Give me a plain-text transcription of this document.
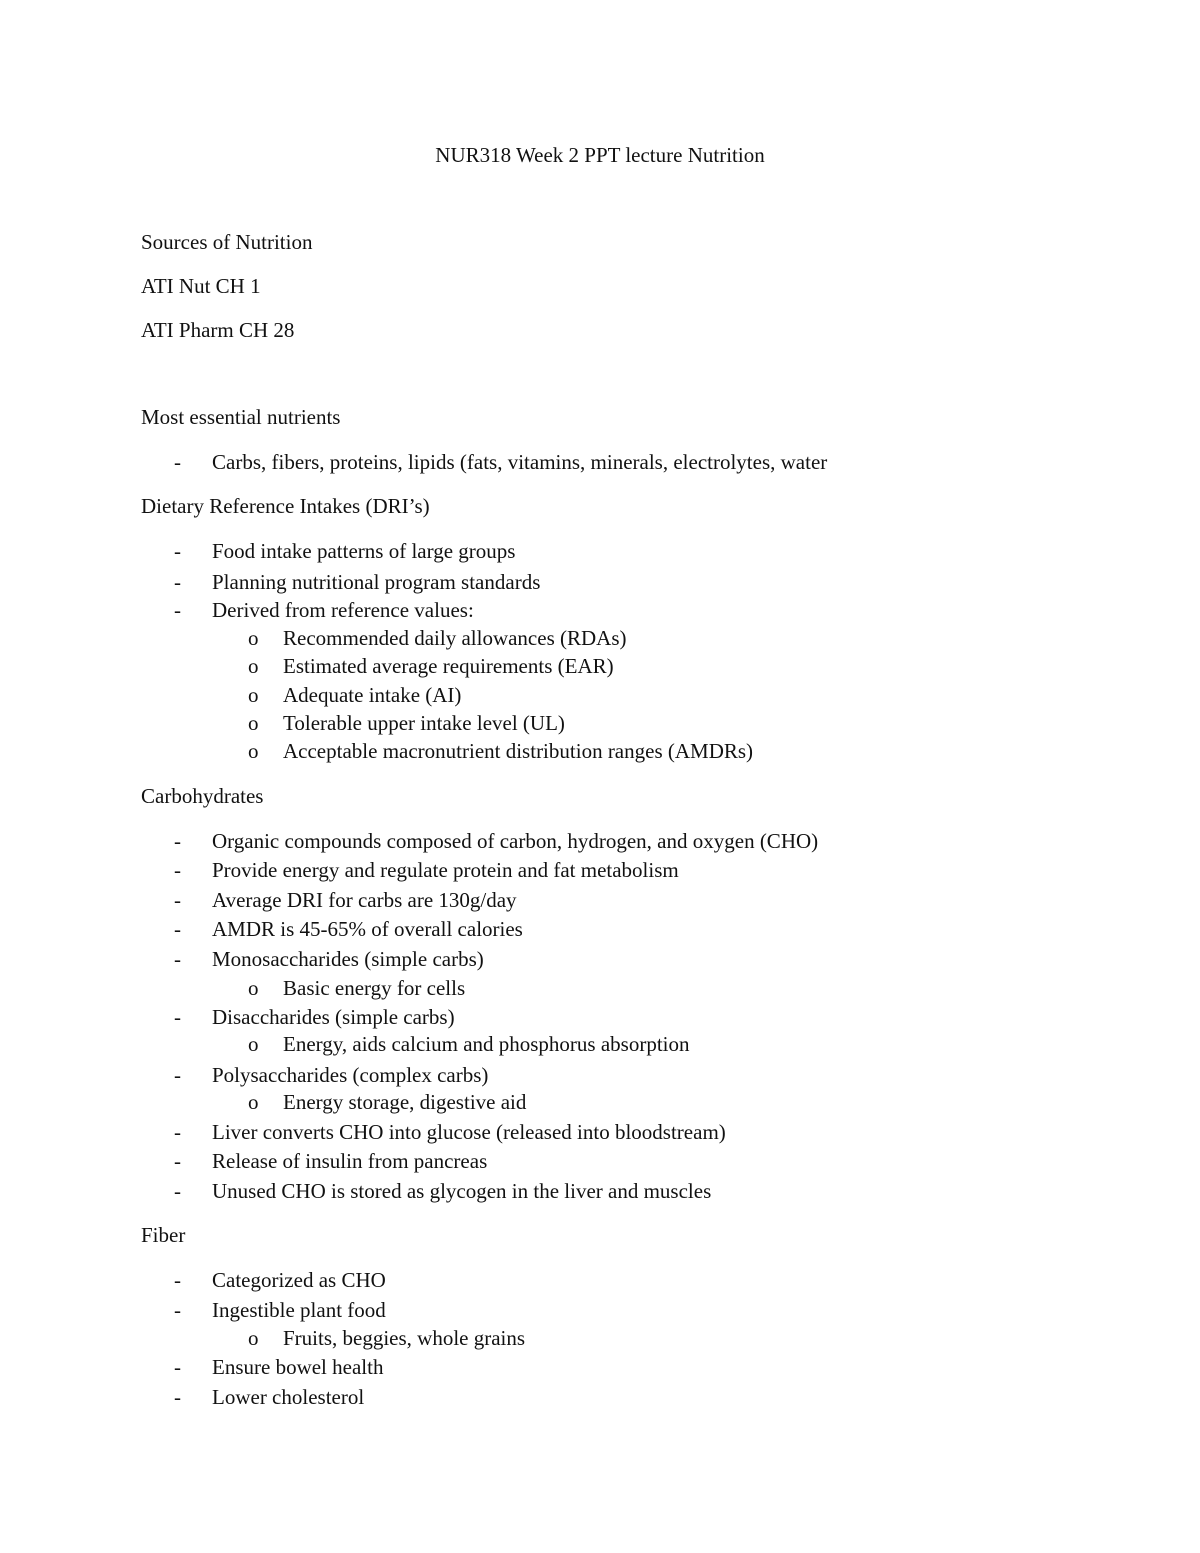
NUR318 Week 2 PPT lecture Nutrition
Sources of Nutrition
ATI Nut CH 1
ATI Pharm CH 28
Most essential nutrients
- Carbs, fibers, proteins, lipids (fats, vitamins, minerals, electrolytes, water
Dietary Reference Intakes (DRI’s)
- Food intake patterns of large groups
- Planning nutritional program standards
- Derived from reference values:
o Recommended daily allowances (RDAs)
o Estimated average requirements (EAR)
o Adequate intake (AI)
o Tolerable upper intake level (UL)
o Acceptable macronutrient distribution ranges (AMDRs)
Carbohydrates
- Organic compounds composed of carbon, hydrogen, and oxygen (CHO)
- Provide energy and regulate protein and fat metabolism
- Average DRI for carbs are 130g/day
- AMDR is 45-65% of overall calories
- Monosaccharides (simple carbs)
o Basic energy for cells
- Disaccharides (simple carbs)
o Energy, aids calcium and phosphorus absorption
- Polysaccharides (complex carbs)
o Energy storage, digestive aid
- Liver converts CHO into glucose (released into bloodstream)
- Release of insulin from pancreas
- Unused CHO is stored as glycogen in the liver and muscles
Fiber
- Categorized as CHO
- Ingestible plant food
o Fruits, beggies, whole grains
- Ensure bowel health
- Lower cholesterol
